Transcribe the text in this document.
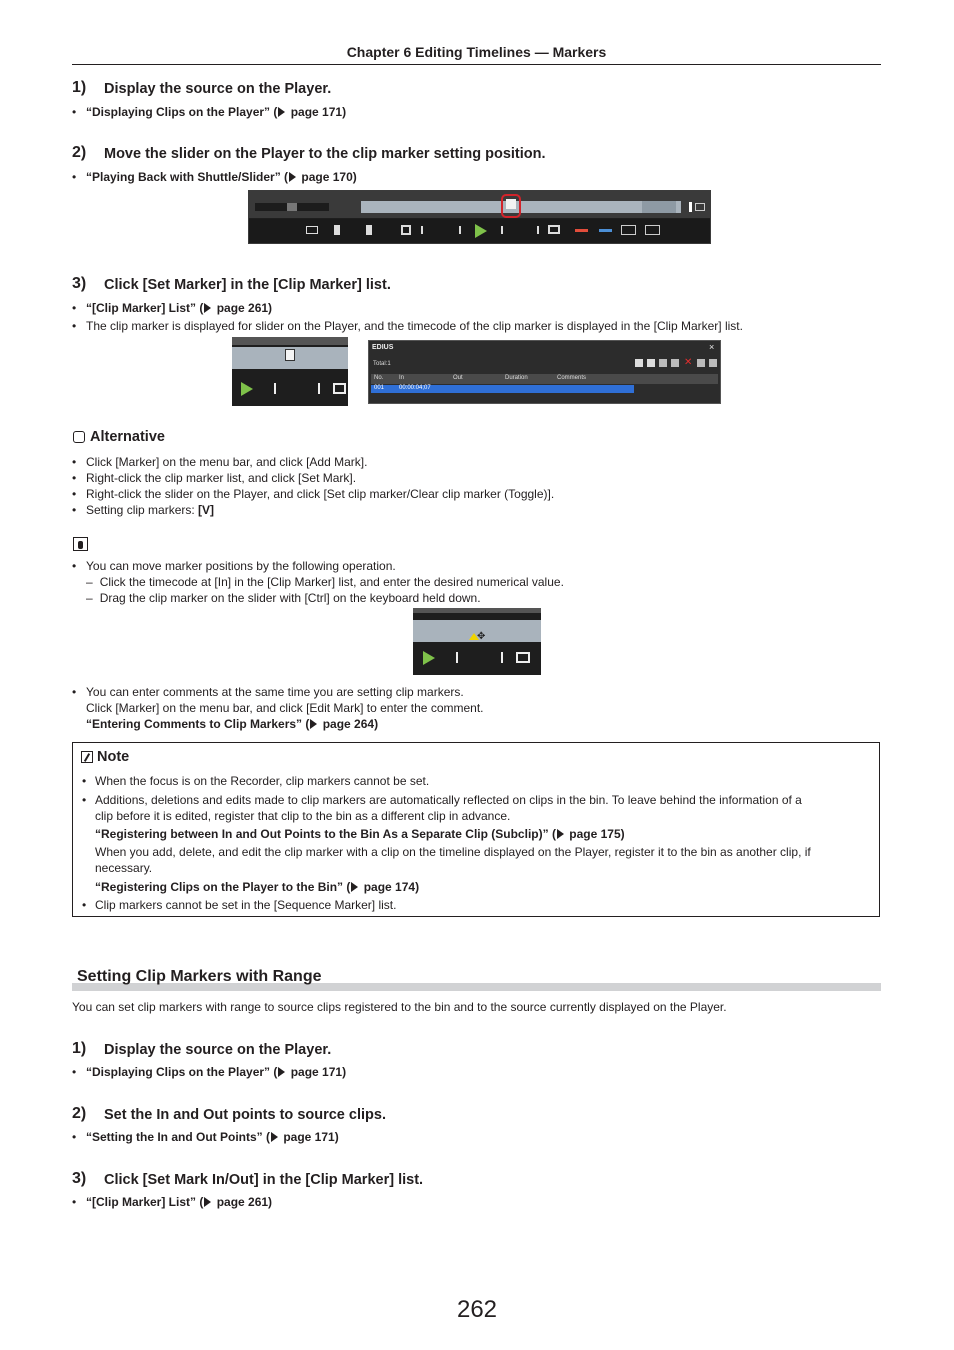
Chapter 6 Editing Timelines — Markers
1) Display the source on the Player.
• “Displaying Clips on the Player” ( page 171)
2) Move the slider on the Player to the clip marker setting position.
• “Playing Back with Shuttle/Slider” ( page 170)
3) Click [Set Marker] in the [Clip Marker] list.
• “[Clip Marker] List” ( page 261)
• The clip marker is displayed for slider on the Player, and the timecode of the clip marker is displayed in the [Clip Marker] list.
EDIUS	×
Total:1	✕
No.	In	Out	Duration	Comments
001 00:00:04;07
Alternative
• Click [Marker] on the menu bar, and click [Add Mark].
• Right-click the clip marker list, and click [Set Mark].
• Right-click the slider on the Player, and click [Set clip marker/Clear clip marker (Toggle)].
• Setting clip markers: [V]
• You can move marker positions by the following operation.
– Click the timecode at [In] in the [Clip Marker] list, and enter the desired numerical value.
– Drag the clip marker on the slider with [Ctrl] on the keyboard held down.
✥
• You can enter comments at the same time you are setting clip markers.
Click [Marker] on the menu bar, and click [Edit Mark] to enter the comment.
“Entering Comments to Clip Markers” ( page 264)
Note
• When the focus is on the Recorder, clip markers cannot be set.
• Additions, deletions and edits made to clip markers are automatically reflected on clips in the bin. To leave behind the information of a
clip before it is edited, register that clip to the bin as a different clip in advance.
“Registering between In and Out Points to the Bin As a Separate Clip (Subclip)” ( page 175)
When you add, delete, and edit the clip marker with a clip on the timeline displayed on the Player, register it to the bin as another clip, if
necessary.
“Registering Clips on the Player to the Bin” ( page 174)
• Clip markers cannot be set in the [Sequence Marker] list.
Setting Clip Markers with Range
You can set clip markers with range to source clips registered to the bin and to the source currently displayed on the Player.
1) Display the source on the Player.
• “Displaying Clips on the Player” ( page 171)
2) Set the In and Out points to source clips.
• “Setting the In and Out Points” ( page 171)
3) Click [Set Mark In/Out] in the [Clip Marker] list.
• “[Clip Marker] List” ( page 261)
262
